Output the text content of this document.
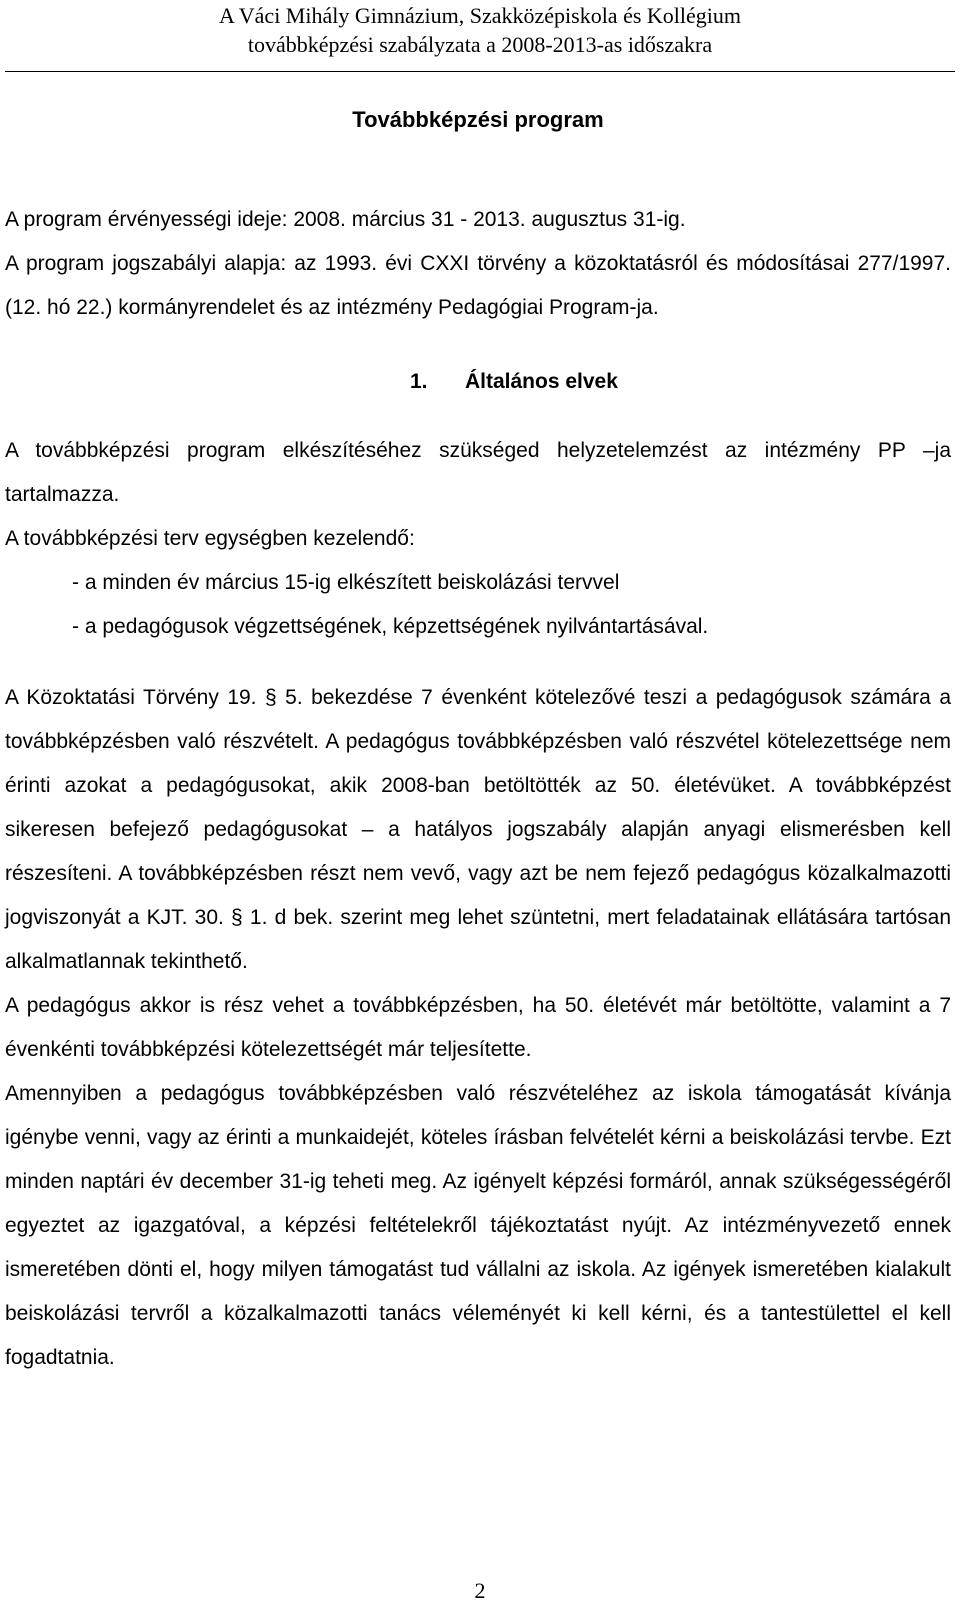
A Váci Mihály Gimnázium, Szakközépiskola és Kollégium
továbbképzési szabályzata a 2008-2013-as időszakra
Továbbképzési program

A program érvényességi ideje: 2008. március 31 - 2013. augusztus 31-ig.

A program jogszabályi alapja: az 1993. évi CXXI törvény a közoktatásról és módosításai 277/1997. (12. hó 22.) kormányrendelet és az intézmény Pedagógiai Program-ja.

1. Általános elvek

A továbbképzési program elkészítéséhez szükséged helyzetelemzést az intézmény PP –ja tartalmazza.

A továbbképzési terv egységben kezelendő:

- a minden év március 15-ig elkészített beiskolázási tervvel

- a pedagógusok végzettségének, képzettségének nyilvántartásával.

A Közoktatási Törvény 19. § 5. bekezdése 7 évenként kötelezővé teszi a pedagógusok számára a továbbképzésben való részvételt. A pedagógus továbbképzésben való részvétel kötelezettsége nem érinti azokat a pedagógusokat, akik 2008-ban betöltötték az 50. életévüket. A továbbképzést sikeresen befejező pedagógusokat – a hatályos jogszabály alapján anyagi elismerésben kell részesíteni. A továbbképzésben részt nem vevő, vagy azt be nem fejező pedagógus közalkalmazotti jogviszonyát a KJT. 30. § 1. d bek. szerint meg lehet szüntetni, mert feladatainak ellátására tartósan alkalmatlannak tekinthető.

A pedagógus akkor is rész vehet a továbbképzésben, ha 50. életévét már betöltötte, valamint a 7 évenkénti továbbképzési kötelezettségét már teljesítette.

Amennyiben a pedagógus továbbképzésben való részvételéhez az iskola támogatását kívánja igénybe venni, vagy az érinti a munkaidejét, köteles írásban felvételét kérni a beiskolázási tervbe. Ezt minden naptári év december 31-ig teheti meg. Az igényelt képzési formáról, annak szükségességéről egyeztet az igazgatóval, a képzési feltételekről tájékoztatást nyújt. Az intézményvezető ennek ismeretében dönti el, hogy milyen támogatást tud vállalni az iskola. Az igények ismeretében kialakult beiskolázási tervről a közalkalmazotti tanács véleményét ki kell kérni, és a tantestülettel el kell fogadtatnia.

2
